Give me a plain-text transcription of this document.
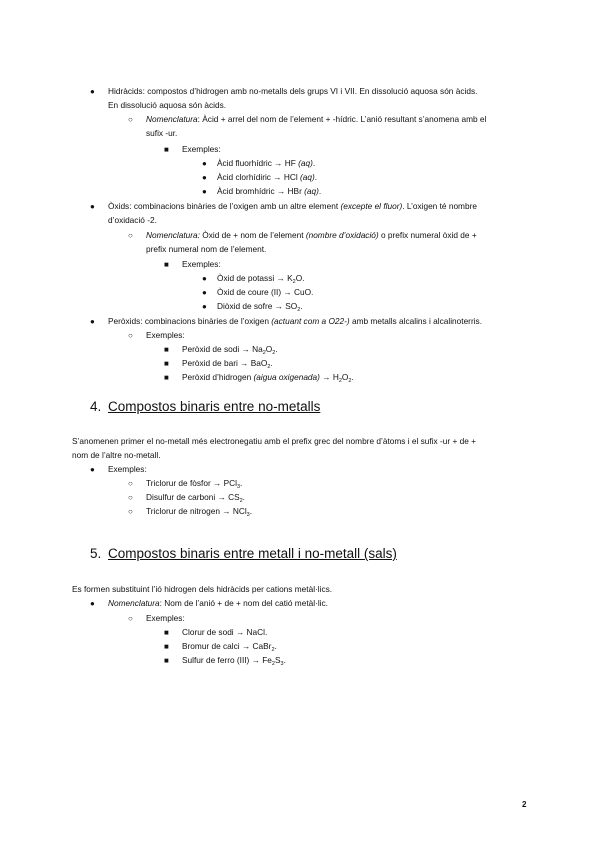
● Hidràcids: compostos d’hidrogen amb no-metalls dels grups VI i VII. En dissolució aquosa són àcids.
En dissolució aquosa són àcids.
○ Nomenclatura: Àcid + arrel del nom de l’element + -hídric. L’anió resultant s’anomena amb el
sufix -ur.
■ Exemples:
● Àcid fluorhídric → HF (aq).
● Àcid clorhídiric → HCl (aq).
● Àcid bromhídric → HBr (aq).
● Òxids: combinacions binàries de l’oxigen amb un altre element (excepte el fluor). L’oxigen té nombre
d’oxidació -2.
○ Nomenclatura: Òxid de + nom de l’element (nombre d’oxidació) o prefix numeral òxid de +
prefix numeral nom de l’element.
■ Exemples:
● Òxid de potassi → $K_2O$.
● Òxid de coure (II) → CuO.
● Diòxid de sofre → $SO_2$.
● Peròxids: combinacions binàries de l’oxigen (actuant com a O22-) amb metalls alcalins i alcalinoterris.
○ Exemples:
■ Peròxid de sodi → $Na_2O_2$.
■ Peròxid de bari → BaO$_2$.
■ Peròxid d’hidrogen (aigua oxigenada) → $H_2O_2$.
4. Compostos binaris entre no-metalls
S’anomenen primer el no-metall més electronegatiu amb el prefix grec del nombre d’àtoms i el sufix -ur + de +
nom de l’altre no-metall.
● Exemples:
○ Triclorur de fòsfor → PCl$_3$.
○ Disulfur de carboni → $CS_2$.
○ Triclorur de nitrogen → NCl$_3$.
5. Compostos binaris entre metall i no-metall (sals)
Es formen substituint l’ió hidrogen dels hidràcids per cations metàl·lics.
● Nomenclatura: Nom de l’anió + de + nom del catió metàl·lic.
○ Exemples:
■ Clorur de sodi → NaCl.
■ Bromur de calci → CaBr$_2$.
■ Sulfur de ferro $(III) \to Fe_2S_3$.
2
